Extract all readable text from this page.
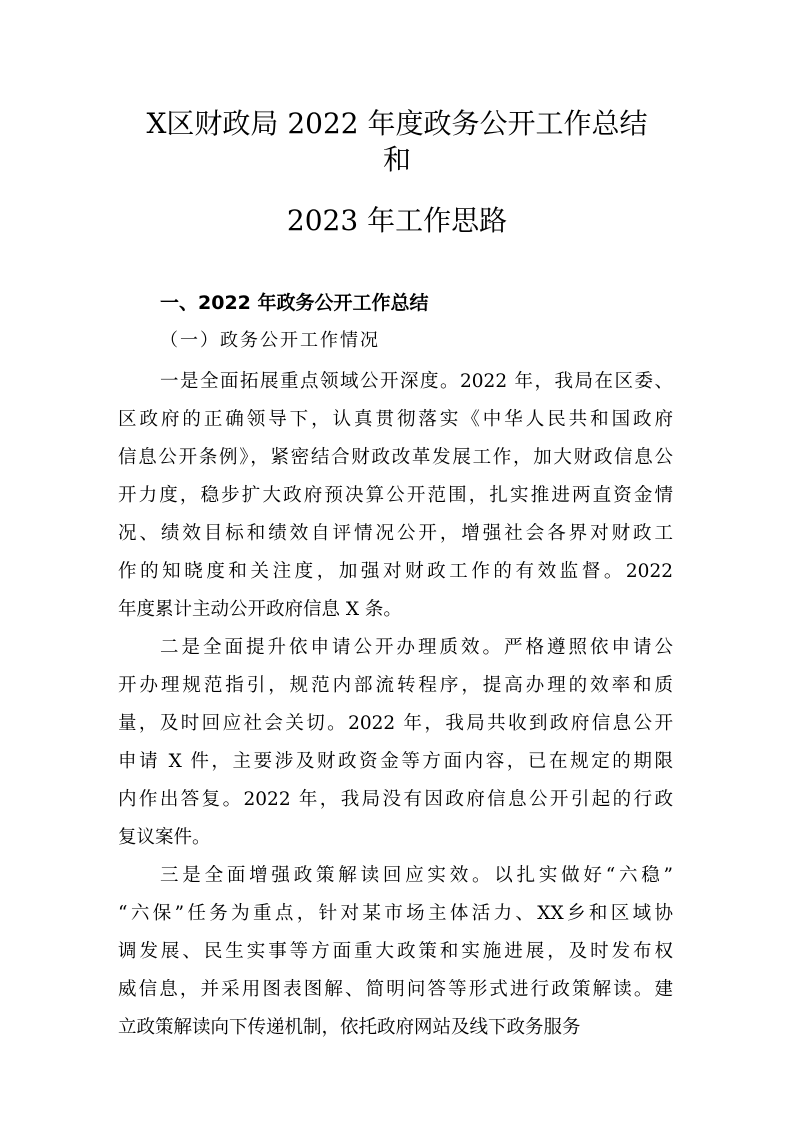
X区财政局 2022 年度政务公开工作总结
和
2023 年工作思路
一、2022 年政务公开工作总结
（一）政务公开工作情况
一是全面拓展重点领域公开深度。2022 年，我局在区委、
区政府的正确领导下，认真贯彻落实《中华人民共和国政府
信息公开条例》，紧密结合财政改革发展工作，加大财政信息公
开力度，稳步扩大政府预决算公开范围，扎实推进两直资金情
况、绩效目标和绩效自评情况公开，增强社会各界对财政工
作的知晓度和关注度，加强对财政工作的有效监督。2022
年度累计主动公开政府信息 X 条。
二是全面提升依申请公开办理质效。严格遵照依申请公
开办理规范指引，规范内部流转程序，提高办理的效率和质
量，及时回应社会关切。2022 年，我局共收到政府信息公开
申请 X 件，主要涉及财政资金等方面内容，已在规定的期限
内作出答复。2022 年，我局没有因政府信息公开引起的行政
复议案件。
三是全面增强政策解读回应实效。以扎实做好“六稳”
“六保”任务为重点，针对某市场主体活力、XX乡和区域协
调发展、民生实事等方面重大政策和实施进展，及时发布权
威信息，并采用图表图解、简明问答等形式进行政策解读。建
立政策解读向下传递机制，依托政府网站及线下政务服务
